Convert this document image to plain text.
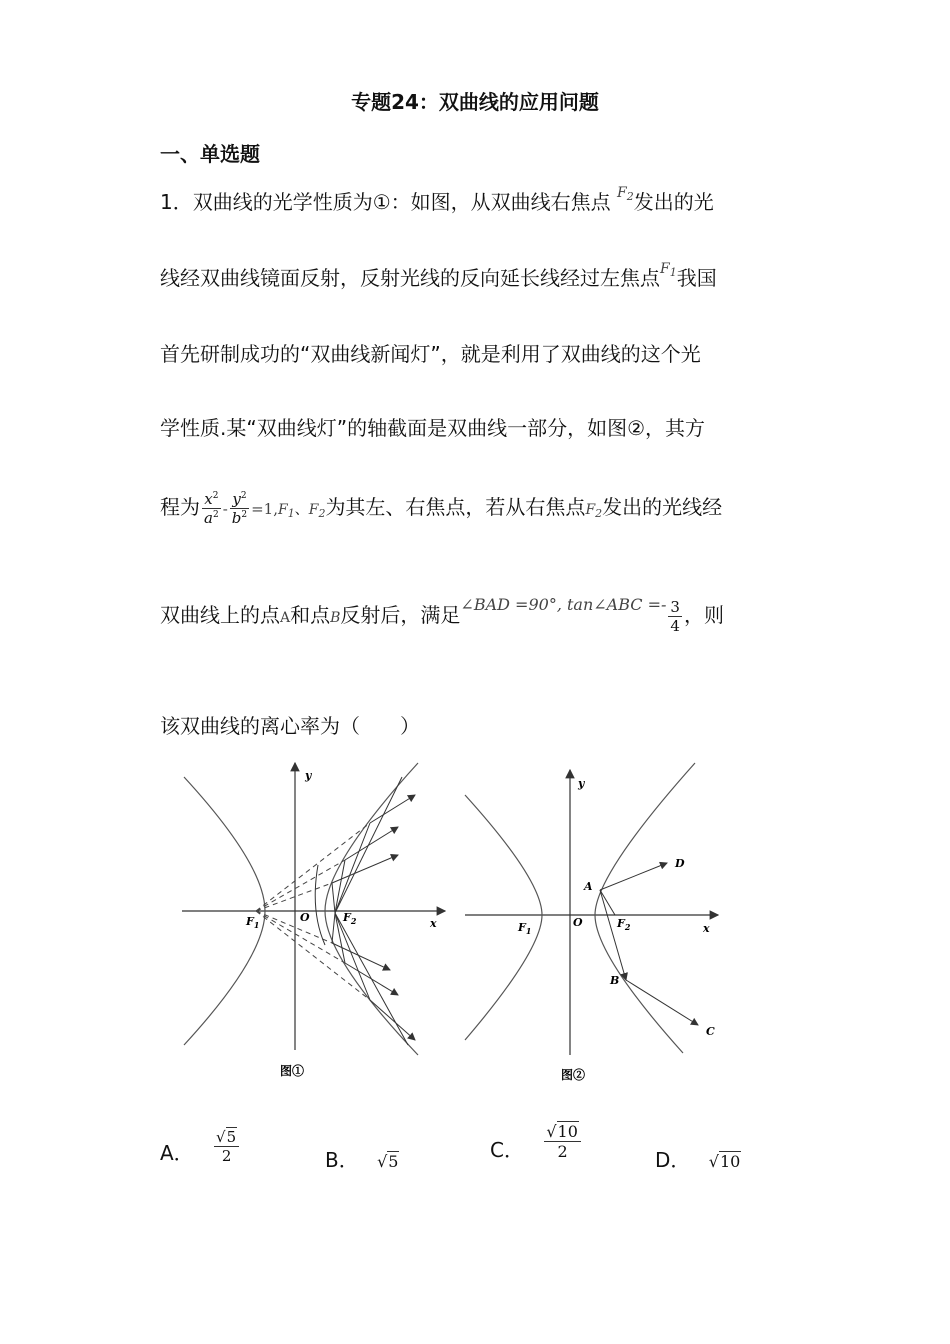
专题24：双曲线的应用问题
一、单选题
1．双曲线的光学性质为①：如图，从双曲线右焦点 $^{F_2}$发出的光
线经双曲线镜面反射，反射光线的反向延长线经过左焦点$^{F_1}$我国
首先研制成功的“双曲线新闻灯”，就是利用了双曲线的这个光
学性质.某“双曲线灯”的轴截面是双曲线一部分，如图②，其方
程为 $\frac{x^2}{a^2} - \frac{y^2}{b^2} =1,F_1$、$F_2$为其左、右焦点，若从右焦点$F_2$发出的光线经
双曲线上的点A和点B反射后，满足$^{\angle BAD =90^\circ, tan\angle ABC =-} \frac{3}{4}$ ，则
该双曲线的离心率为（　　）
y
x
O
$F_1$
$F_2$
图①
y
x
O
$F_1$
$F_2$
A
B
C
D
图②
A． $\frac{√5}{2}$	B． √5	C． $\frac{√10}{2}$	D． √10
